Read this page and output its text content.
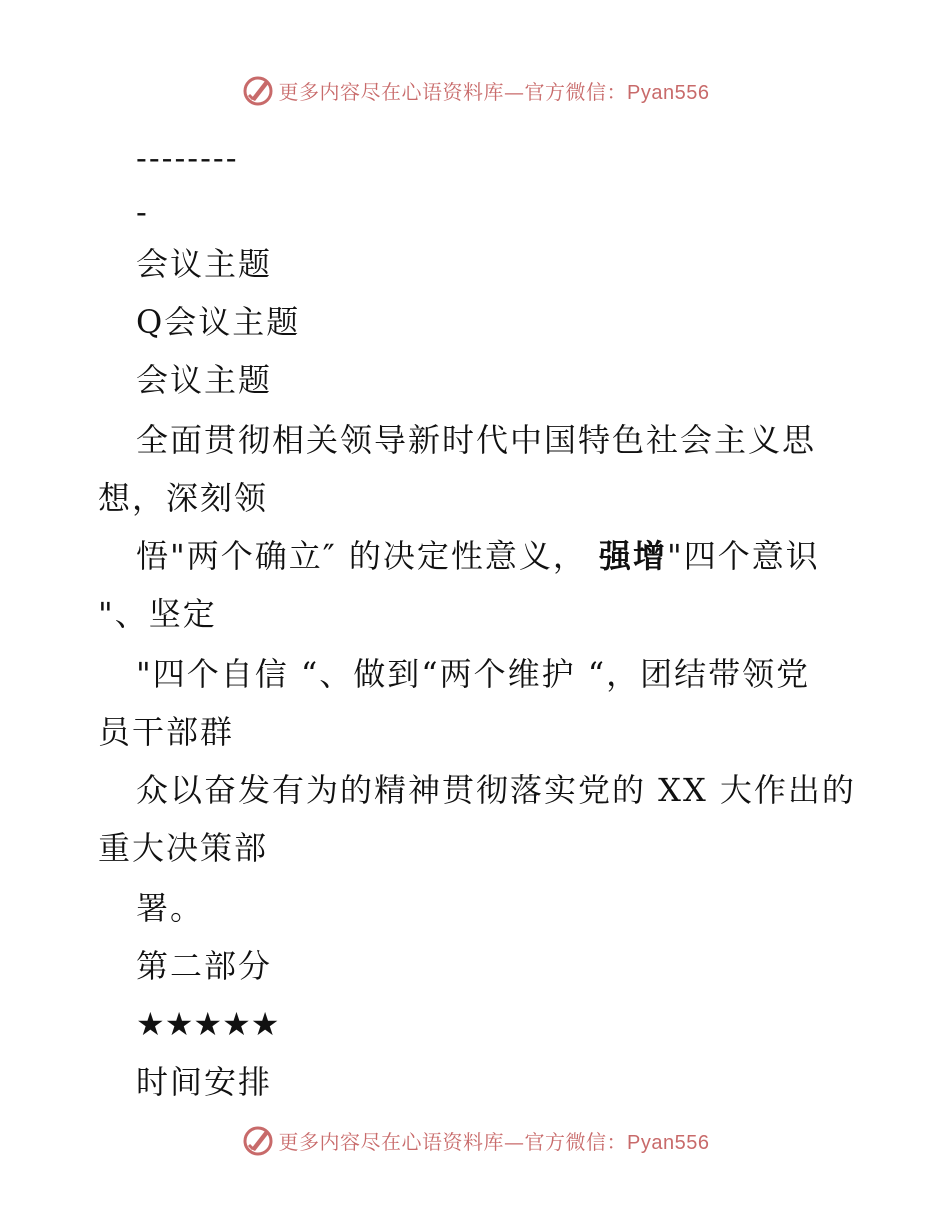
更多内容尽在心语资料库—官方微信：Pyan556
--------
-
会议主题
Q会议主题
会议主题
全面贯彻相关领导新时代中国特色社会主义思
想，深刻领
悟"两个确立″ 的决定性意义， 强增"四个意识
"、坚定
"四个自信 “、做到“两个维护 “，团结带领党
员干部群
众以奋发有为的精神贯彻落实党的 XX 大作出的
重大决策部
署。
第二部分
★★★★★
时间安排
更多内容尽在心语资料库—官方微信：Pyan556
